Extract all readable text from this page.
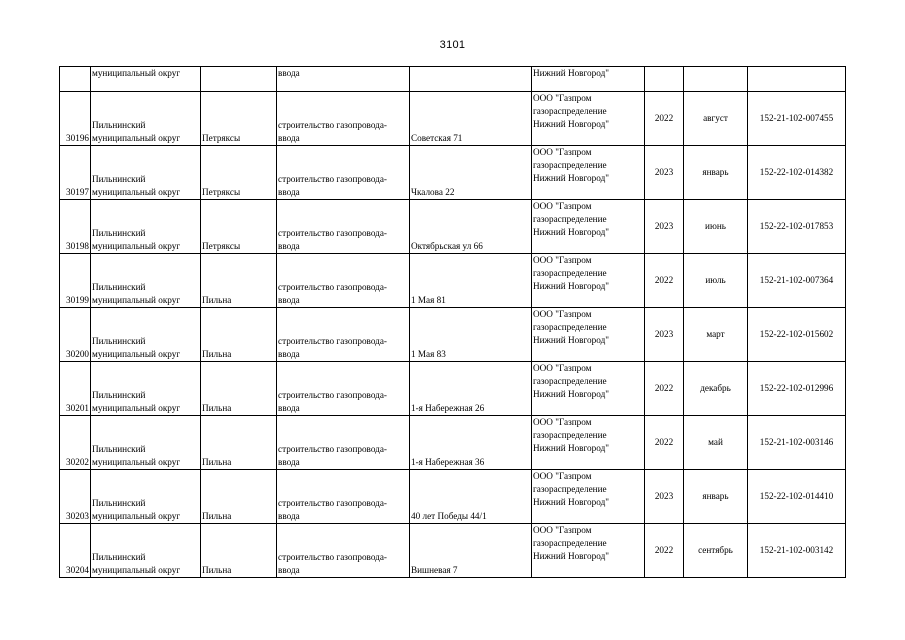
3101
	муниципальный округ		ввода		Нижний Новгород"			
30196	Пильнинский
муниципальный округ	Петряксы	строительство газопровода-
ввода	Советская 71	ООО "Газпром
газораспределение
Нижний Новгород"	2022	август	152-21-102-007455
30197	Пильнинский
муниципальный округ	Петряксы	строительство газопровода-
ввода	Чкалова 22	ООО "Газпром
газораспределение
Нижний Новгород"	2023	январь	152-22-102-014382
30198	Пильнинский
муниципальный округ	Петряксы	строительство газопровода-
ввода	Октябрьская ул 66	ООО "Газпром
газораспределение
Нижний Новгород"	2023	июнь	152-22-102-017853
30199	Пильнинский
муниципальный округ	Пильна	строительство газопровода-
ввода	1 Мая 81	ООО "Газпром
газораспределение
Нижний Новгород"	2022	июль	152-21-102-007364
30200	Пильнинский
муниципальный округ	Пильна	строительство газопровода-
ввода	1 Мая 83	ООО "Газпром
газораспределение
Нижний Новгород"	2023	март	152-22-102-015602
30201	Пильнинский
муниципальный округ	Пильна	строительство газопровода-
ввода	1-я Набережная 26	ООО "Газпром
газораспределение
Нижний Новгород"	2022	декабрь	152-22-102-012996
30202	Пильнинский
муниципальный округ	Пильна	строительство газопровода-
ввода	1-я Набережная 36	ООО "Газпром
газораспределение
Нижний Новгород"	2022	май	152-21-102-003146
30203	Пильнинский
муниципальный округ	Пильна	строительство газопровода-
ввода	40 лет Победы 44/1	ООО "Газпром
газораспределение
Нижний Новгород"	2023	январь	152-22-102-014410
30204	Пильнинский
муниципальный округ	Пильна	строительство газопровода-
ввода	Вишневая 7	ООО "Газпром
газораспределение
Нижний Новгород"	2022	сентябрь	152-21-102-003142
